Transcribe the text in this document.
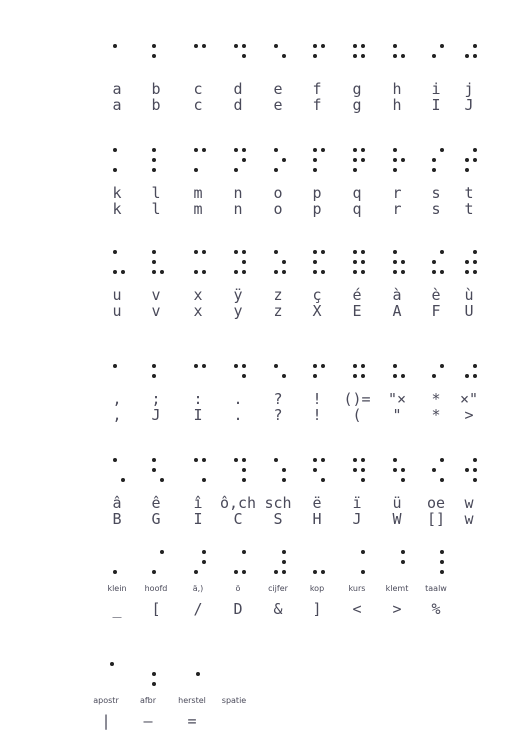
a
a
b
b
c
c
d
d
e
e
f
f
g
g
h
h
i
I
j
J
k
k
l
l
m
m
n
n
o
o
p
p
q
q
r
r
s
s
t
t
u
u
v
v
x
x
ÿ
y
z
z
ç
X
é
E
à
A
è
F
ù
U
,
,
;
J
:
I
.
.
?
?
!
!
()=
(
"×
"
*
*
×"
>
â
B
ê
G
î
I
ô,ch
C
sch
S
ë
H
ï
J
ü
W
oe
[]
w
w
klein
_
hoofd
[
ä,)
/
ö
D
cijfer
&
kop
]
kurs
<
klemt
>
taalw
%
apostr
|
afbr
—
herstel
=
spatie
